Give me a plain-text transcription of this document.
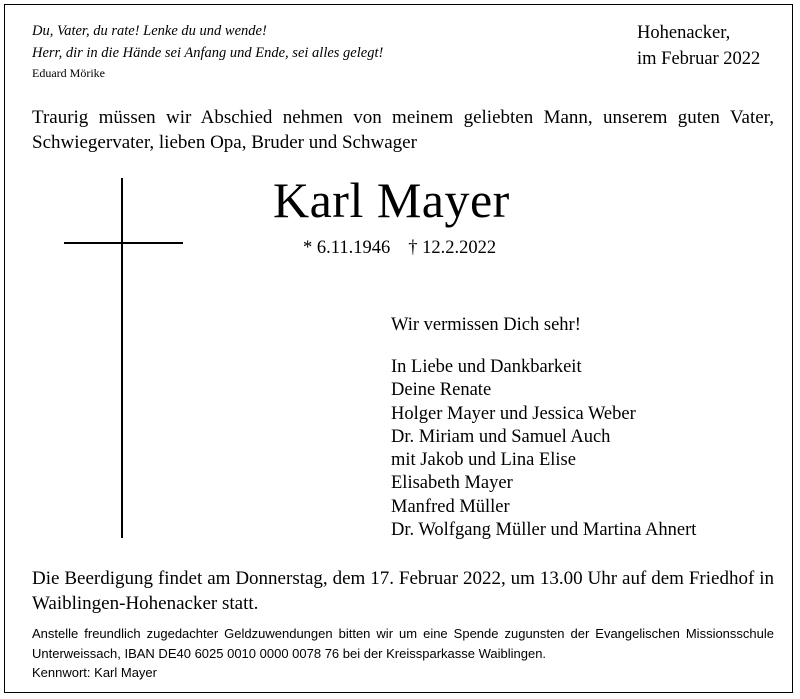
Du, Vater, du rate! Lenke du und wende!
Herr, dir in die Hände sei Anfang und Ende, sei alles gelegt!
Eduard Mörike
Hohenacker,
im Februar 2022
Traurig müssen wir Abschied nehmen von meinem geliebten Mann, unserem guten Vater, Schwiegervater, lieben Opa, Bruder und Schwager
Karl Mayer
* 6.11.1946 † 12.2.2022
Wir vermissen Dich sehr!
In Liebe und Dankbarkeit
Deine Renate
Holger Mayer und Jessica Weber
Dr. Miriam und Samuel Auch
mit Jakob und Lina Elise
Elisabeth Mayer
Manfred Müller
Dr. Wolfgang Müller und Martina Ahnert
Die Beerdigung findet am Donnerstag, dem 17. Februar 2022, um 13.00 Uhr auf dem Friedhof in Waiblingen-Hohenacker statt.
Anstelle freundlich zugedachter Geldzuwendungen bitten wir um eine Spende zugunsten der Evangelischen Missionsschule Unterweissach, IBAN DE40 6025 0010 0000 0078 76 bei der Kreissparkasse Waiblingen.
Kennwort: Karl Mayer
